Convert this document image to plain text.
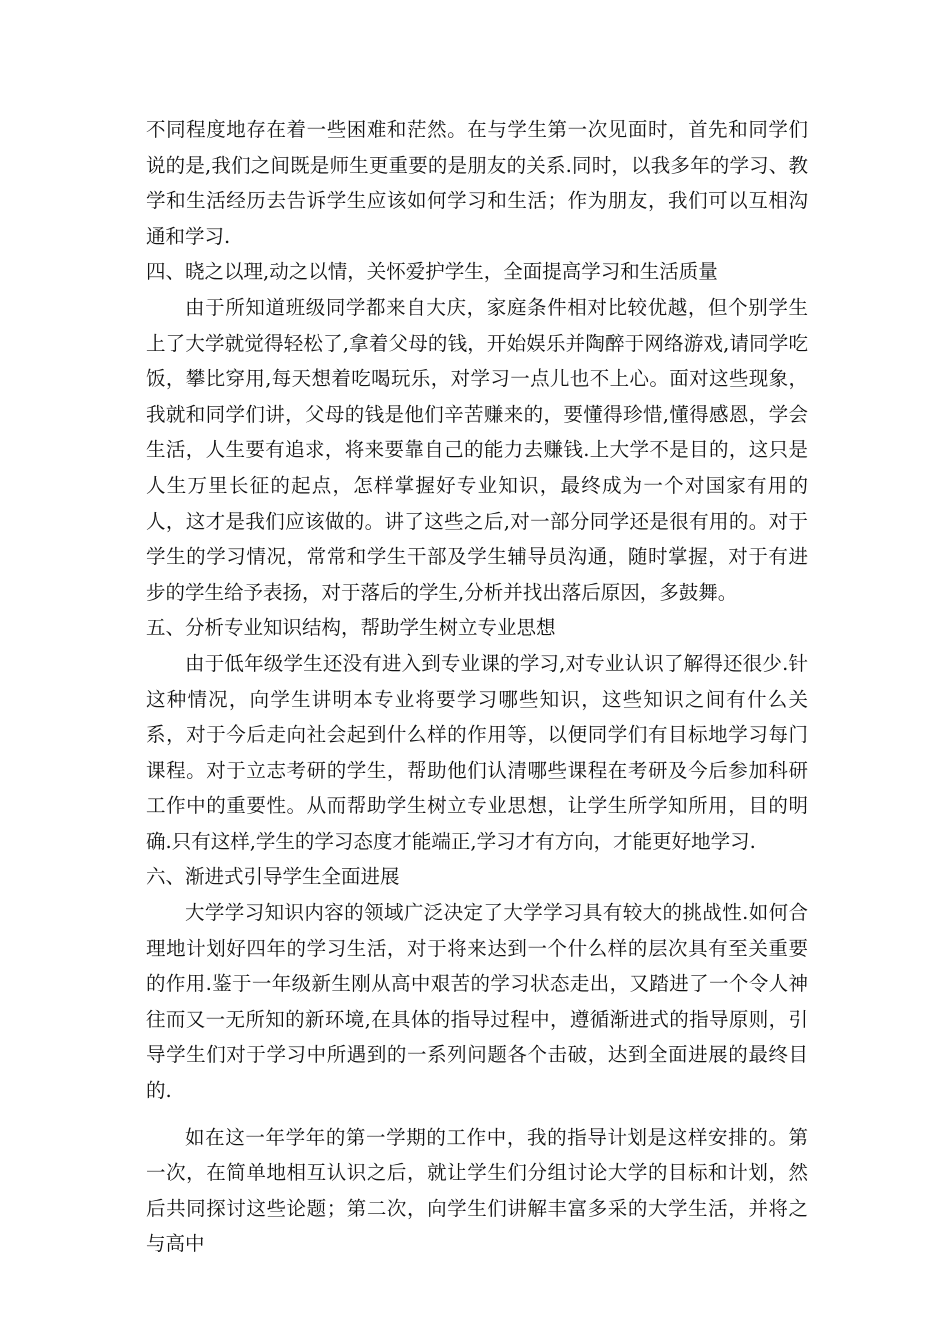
不同程度地存在着一些困难和茫然。在与学生第一次见面时，首先和同学们说的是,我们之间既是师生更重要的是朋友的关系.同时，以我多年的学习、教学和生活经历去告诉学生应该如何学习和生活；作为朋友，我们可以互相沟通和学习.

四、晓之以理,动之以情，关怀爱护学生，全面提高学习和生活质量

由于所知道班级同学都来自大庆，家庭条件相对比较优越，但个别学生上了大学就觉得轻松了,拿着父母的钱，开始娱乐并陶醉于网络游戏,请同学吃饭，攀比穿用,每天想着吃喝玩乐，对学习一点儿也不上心。面对这些现象，我就和同学们讲，父母的钱是他们辛苦赚来的，要懂得珍惜,懂得感恩，学会生活，人生要有追求，将来要靠自己的能力去赚钱.上大学不是目的，这只是人生万里长征的起点，怎样掌握好专业知识，最终成为一个对国家有用的人，这才是我们应该做的。讲了这些之后,对一部分同学还是很有用的。对于学生的学习情况，常常和学生干部及学生辅导员沟通，随时掌握，对于有进步的学生给予表扬，对于落后的学生,分析并找出落后原因，多鼓舞。

五、分析专业知识结构，帮助学生树立专业思想

由于低年级学生还没有进入到专业课的学习,对专业认识了解得还很少.针这种情况，向学生讲明本专业将要学习哪些知识，这些知识之间有什么关系，对于今后走向社会起到什么样的作用等，以便同学们有目标地学习每门课程。对于立志考研的学生，帮助他们认清哪些课程在考研及今后参加科研工作中的重要性。从而帮助学生树立专业思想，让学生所学知所用，目的明确.只有这样,学生的学习态度才能端正,学习才有方向，才能更好地学习.

六、渐进式引导学生全面进展

大学学习知识内容的领域广泛决定了大学学习具有较大的挑战性.如何合理地计划好四年的学习生活，对于将来达到一个什么样的层次具有至关重要的作用.鉴于一年级新生刚从高中艰苦的学习状态走出，又踏进了一个令人神往而又一无所知的新环境,在具体的指导过程中，遵循渐进式的指导原则，引导学生们对于学习中所遇到的一系列问题各个击破，达到全面进展的最终目的.

如在这一年学年的第一学期的工作中，我的指导计划是这样安排的。第一次，在简单地相互认识之后，就让学生们分组讨论大学的目标和计划，然后共同探讨这些论题；第二次，向学生们讲解丰富多采的大学生活，并将之与高中
